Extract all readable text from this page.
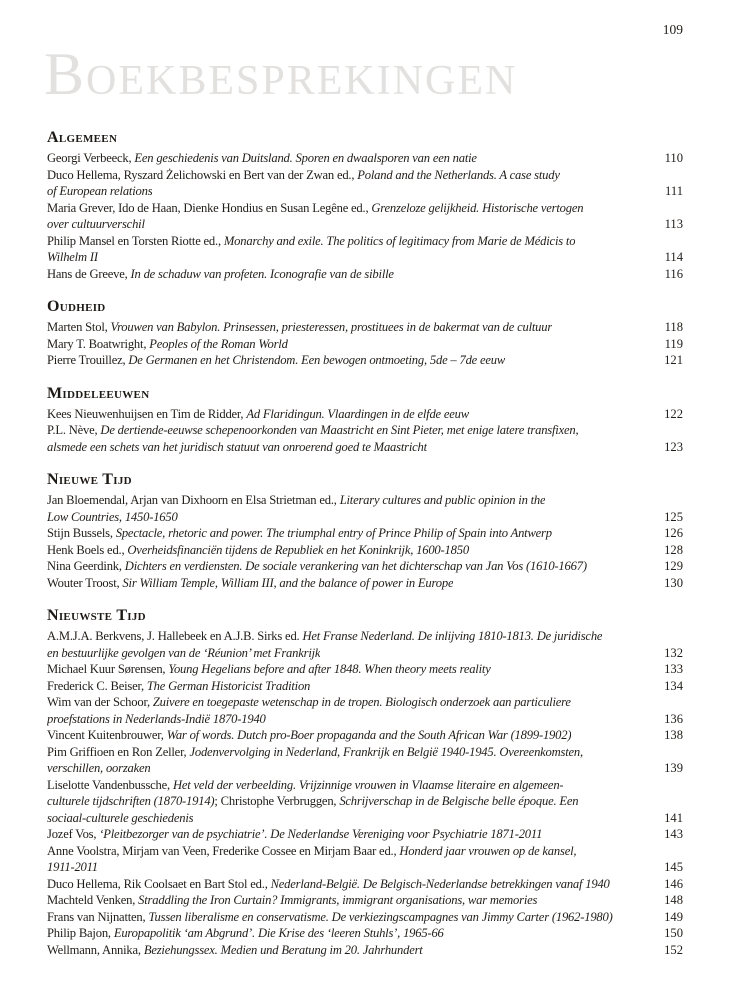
109
Boekbesprekingen
Algemeen
Georgi Verbeeck, Een geschiedenis van Duitsland. Sporen en dwaalsporen van een natie	110
Duco Hellema, Ryszard Żelichowski en Bert van der Zwan ed., Poland and the Netherlands. A case study
of European relations	111
Maria Grever, Ido de Haan, Dienke Hondius en Susan Legêne ed., Grenzeloze gelijkheid. Historische vertogen
over cultuurverschil	113
Philip Mansel en Torsten Riotte ed., Monarchy and exile. The politics of legitimacy from Marie de Médicis to
Wilhelm II	114
Hans de Greeve, In de schaduw van profeten. Iconografie van de sibille	116
Oudheid
Marten Stol, Vrouwen van Babylon. Prinsessen, priesteressen, prostituees in de bakermat van de cultuur	118
Mary T. Boatwright, Peoples of the Roman World	119
Pierre Trouillez, De Germanen en het Christendom. Een bewogen ontmoeting, 5de – 7de eeuw	121
Middeleeuwen
Kees Nieuwenhuijsen en Tim de Ridder, Ad Flaridingun. Vlaardingen in de elfde eeuw	122
P.L. Nève, De dertiende-eeuwse schepenoorkonden van Maastricht en Sint Pieter, met enige latere transfixen,
alsmede een schets van het juridisch statuut van onroerend goed te Maastricht	123
Nieuwe Tijd
Jan Bloemendal, Arjan van Dixhoorn en Elsa Strietman ed., Literary cultures and public opinion in the
Low Countries, 1450-1650	125
Stijn Bussels, Spectacle, rhetoric and power. The triumphal entry of Prince Philip of Spain into Antwerp	126
Henk Boels ed., Overheidsfinanciën tijdens de Republiek en het Koninkrijk, 1600-1850	128
Nina Geerdink, Dichters en verdiensten. De sociale verankering van het dichterschap van Jan Vos (1610-1667)	129
Wouter Troost, Sir William Temple, William III, and the balance of power in Europe	130
Nieuwste Tijd
A.M.J.A. Berkvens, J. Hallebeek en A.J.B. Sirks ed. Het Franse Nederland. De inlijving 1810-1813. De juridische
en bestuurlijke gevolgen van de ‘Réunion’ met Frankrijk	132
Michael Kuur Sørensen, Young Hegelians before and after 1848. When theory meets reality	133
Frederick C. Beiser, The German Historicist Tradition	134
Wim van der Schoor, Zuivere en toegepaste wetenschap in de tropen. Biologisch onderzoek aan particuliere
proefstations in Nederlands-Indië 1870-1940	136
Vincent Kuitenbrouwer, War of words. Dutch pro-Boer propaganda and the South African War (1899-1902)	138
Pim Griffioen en Ron Zeller, Jodenvervolging in Nederland, Frankrijk en België 1940-1945. Overeenkomsten,
verschillen, oorzaken	139
Liselotte Vandenbussche, Het veld der verbeelding. Vrijzinnige vrouwen in Vlaamse literaire en algemeen-
culturele tijdschriften (1870-1914); Christophe Verbruggen, Schrijverschap in de Belgische belle époque. Een
sociaal-culturele geschiedenis	141
Jozef Vos, ‘Pleitbezorger van de psychiatrie’. De Nederlandse Vereniging voor Psychiatrie 1871-2011	143
Anne Voolstra, Mirjam van Veen, Frederike Cossee en Mirjam Baar ed., Honderd jaar vrouwen op de kansel,
1911-2011	145
Duco Hellema, Rik Coolsaet en Bart Stol ed., Nederland-België. De Belgisch-Nederlandse betrekkingen vanaf 1940	146
Machteld Venken, Straddling the Iron Curtain? Immigrants, immigrant organisations, war memories	148
Frans van Nijnatten, Tussen liberalisme en conservatisme. De verkiezingscampagnes van Jimmy Carter (1962-1980)	149
Philip Bajon, Europapolitik ‘am Abgrund’. Die Krise des ‘leeren Stuhls’, 1965-66	150
Wellmann, Annika, Beziehungssex. Medien und Beratung im 20. Jahrhundert	152
